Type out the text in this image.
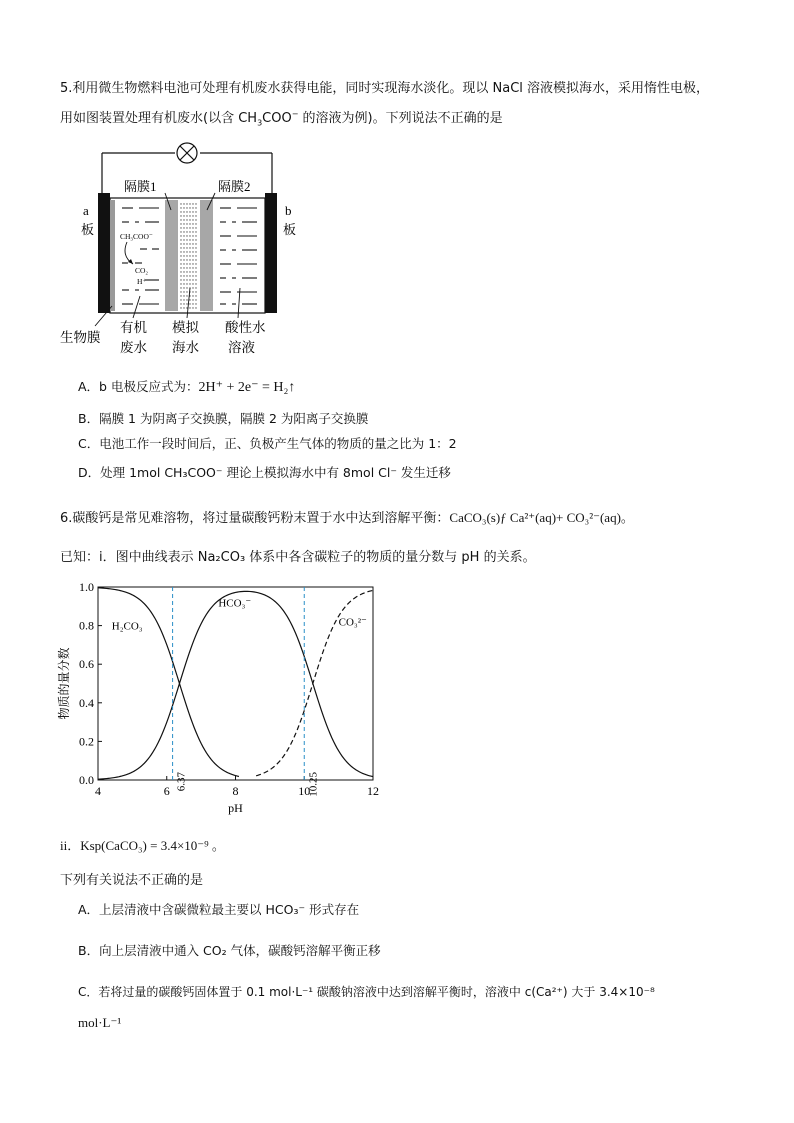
5.利用微生物燃料电池可处理有机废水获得电能，同时实现海水淡化。现以 NaCl 溶液模拟海水，采用惰性电极，
用如图装置处理有机废水(以含 $CH_3COO^-$ 的溶液为例)。下列说法不正确的是
CH₃COO⁻
CO₂
H⁺
隔膜1	隔膜2
a
板
b
板
生物膜
有机
废水
模拟
海水
酸性水
溶液
A．b 电极反应式为：2H⁺ + 2e⁻ = H₂↑
B．隔膜 1 为阴离子交换膜，隔膜 2 为阳离子交换膜
C．电池工作一段时间后，正、负极产生气体的物质的量之比为 1：2
D．处理 1mol CH₃COO⁻ 理论上模拟海水中有 8mol Cl⁻ 发生迁移
6.碳酸钙是常见难溶物，将过量碳酸钙粉末置于水中达到溶解平衡：CaCO₃(s)ƒ Ca²⁺(aq)+ CO₃²⁻(aq)。
已知：i．图中曲线表示 Na₂CO₃ 体系中各含碳粒子的物质的量分数与 pH 的关系。
4	6	8	10	12
0.0
0.2
0.4
0.6
0.8
1.0
pH
物质的量分数
H₂CO₃
HCO₃⁻
CO₃²⁻
6.37	10.25
ii．Ksp(CaCO₃) = 3.4×10⁻⁹ 。
下列有关说法不正确的是
A．上层清液中含碳微粒最主要以 HCO₃⁻ 形式存在
B．向上层清液中通入 CO₂ 气体，碳酸钙溶解平衡正移
C．若将过量的碳酸钙固体置于 0.1 mol·L⁻¹ 碳酸钠溶液中达到溶解平衡时，溶液中 c(Ca²⁺) 大于 3.4×10⁻⁸
mol·L⁻¹
